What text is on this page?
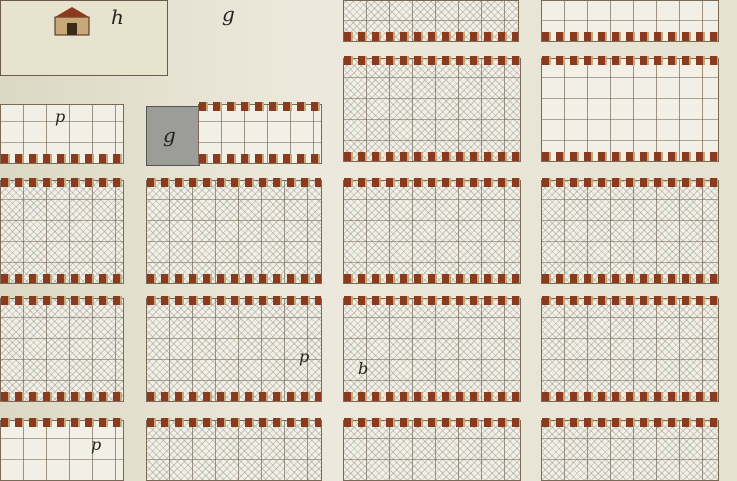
h	g
p
g
p
b
p
